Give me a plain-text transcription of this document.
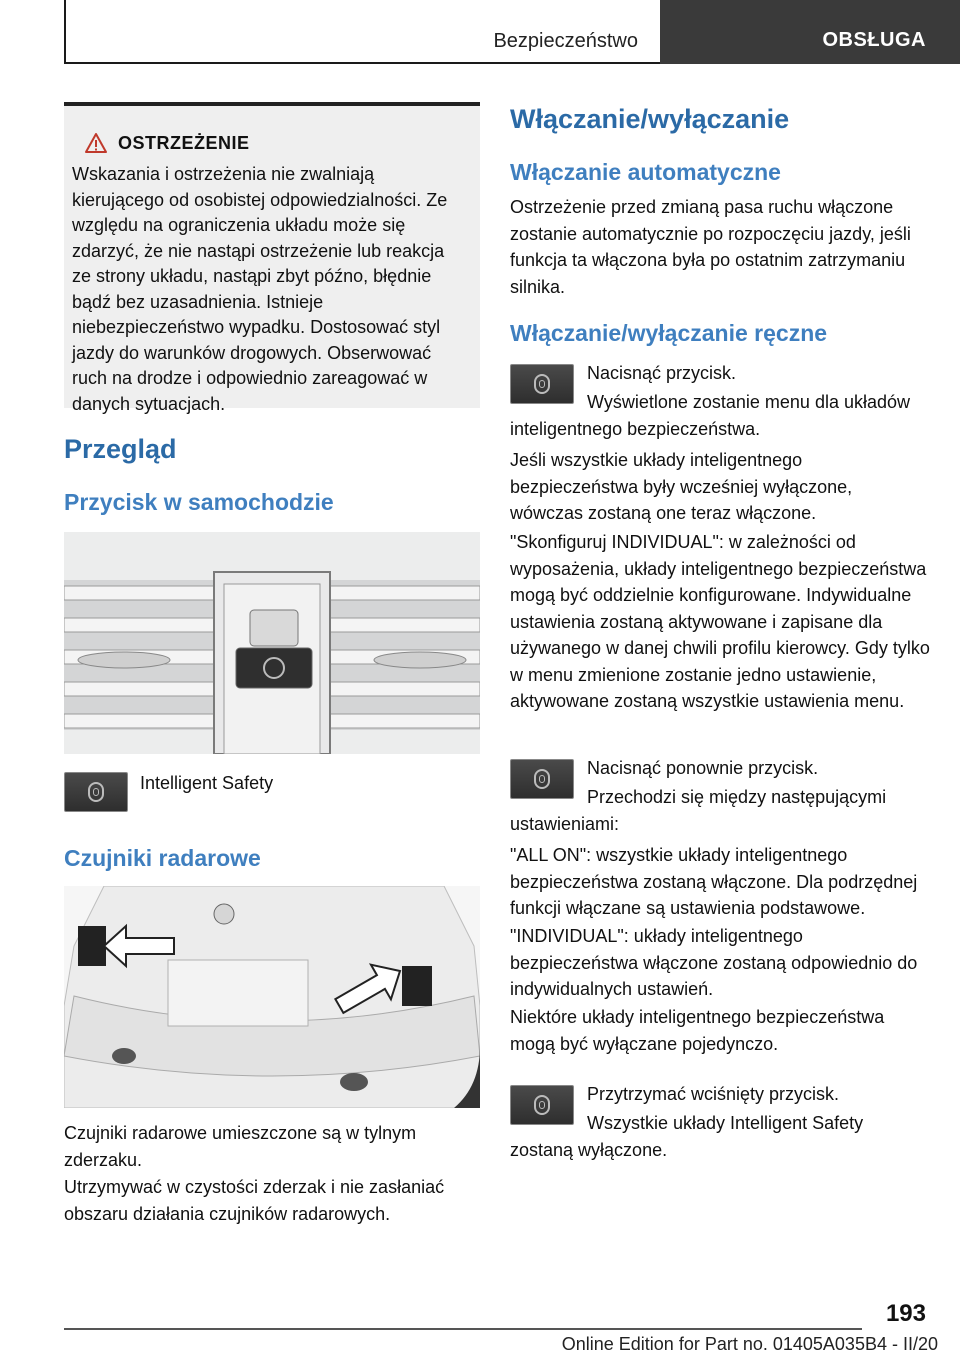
Bezpieczeństwo	OBSŁUGA
OSTRZEŻENIE
Wskazania i ostrzeżenia nie zwalniają kierującego od osobistej odpowiedzialności. Ze względu na ograniczenia układu może się zdarzyć, że nie nastąpi ostrzeżenie lub reakcja ze strony układu, nastąpi zbyt późno, błędnie bądź bez uzasadnienia. Istnieje niebezpieczeństwo wypadku. Dostosować styl jazdy do warunków drogowych. Obserwować ruch na drodze i odpowiednio zareagować w danych sytuacjach.
Przegląd
Przycisk w samochodzie
Intelligent Safety
Czujniki radarowe

Czujniki radarowe umieszczone są w tylnym zderzaku.

Utrzymywać w czystości zderzak i nie zasłaniać obszaru działania czujników radarowych.

Włączanie/wyłączanie
Włączanie automatyczne

Ostrzeżenie przed zmianą pasa ruchu włączone zostanie automatycznie po rozpoczęciu jazdy, jeśli funkcja ta włączona była po ostatnim zatrzymaniu silnika.

Włączanie/wyłączanie ręczne

Nacisnąć przycisk.

Wyświetlone zostanie menu dla układów inteligentnego bezpieczeństwa.

Jeśli wszystkie układy inteligentnego bezpieczeństwa były wcześniej wyłączone, wówczas zostaną one teraz włączone.

"Skonfiguruj INDIVIDUAL": w zależności od wyposażenia, układy inteligentnego bezpieczeństwa mogą być oddzielnie konfigurowane. Indywidualne ustawienia zostaną aktywowane i zapisane dla używanego w danej chwili profilu kierowcy. Gdy tylko w menu zmienione zostanie jedno ustawienie, aktywowane zostaną wszystkie ustawienia menu.

Nacisnąć ponownie przycisk.

Przechodzi się między następującymi ustawieniami:

"ALL ON": wszystkie układy inteligentnego bezpieczeństwa zostaną włączone. Dla podrzędnej funkcji włączane są ustawienia podstawowe.

"INDIVIDUAL": układy inteligentnego bezpieczeństwa włączone zostaną odpowiednio do indywidualnych ustawień.

Niektóre układy inteligentnego bezpieczeństwa mogą być wyłączane pojedynczo.

Przytrzymać wciśnięty przycisk.

Wszystkie układy Intelligent Safety zostaną wyłączone.

193
Online Edition for Part no. 01405A035B4 - II/20
